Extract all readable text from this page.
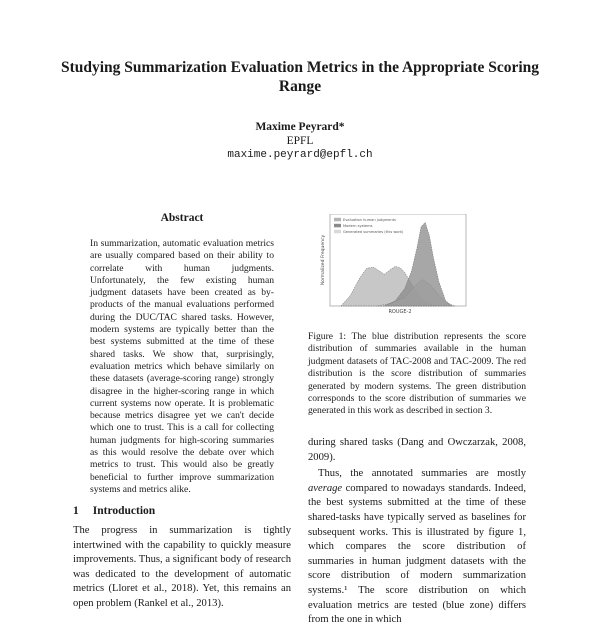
Studying Summarization Evaluation Metrics in the Appropriate Scoring Range
Maxime Peyrard*
EPFL
maxime.peyrard@epfl.ch
Abstract
In summarization, automatic evaluation metrics are usually compared based on their ability to correlate with human judgments. Unfortunately, the few existing human judgment datasets have been created as by-products of the manual evaluations performed during the DUC/TAC shared tasks. However, modern systems are typically better than the best systems submitted at the time of these shared tasks. We show that, surprisingly, evaluation metrics which behave similarly on these datasets (average-scoring range) strongly disagree in the higher-scoring range in which current systems now operate. It is problematic because metrics disagree yet we can't decide which one to trust. This is a call for collecting human judgments for high-scoring summaries as this would resolve the debate over which metrics to trust. This would also be greatly beneficial to further improve summarization systems and metrics alike.
1 Introduction

The progress in summarization is tightly intertwined with the capability to quickly measure improvements. Thus, a significant body of research was dedicated to the development of automatic metrics (Lloret et al., 2018). Yet, this remains an open problem (Rankel et al., 2013).

Evaluation human judgments
Modern systems
Generated summaries (this work)
ROUGE-2
Normalized Frequency

Figure 1: The blue distribution represents the score distribution of summaries available in the human judgment datasets of TAC-2008 and TAC-2009. The red distribution is the score distribution of summaries generated by modern systems. The green distribution corresponds to the score distribution of summaries we generated in this work as described in section 3.

during shared tasks (Dang and Owczarzak, 2008, 2009).

Thus, the annotated summaries are mostly average compared to nowadays standards. Indeed, the best systems submitted at the time of these shared-tasks have typically served as baselines for subsequent works. This is illustrated by figure 1, which compares the score distribution of summaries in human judgment datasets with the score distribution of modern summarization systems.¹ The score distribution on which evaluation metrics are tested (blue zone) differs from the one in which
